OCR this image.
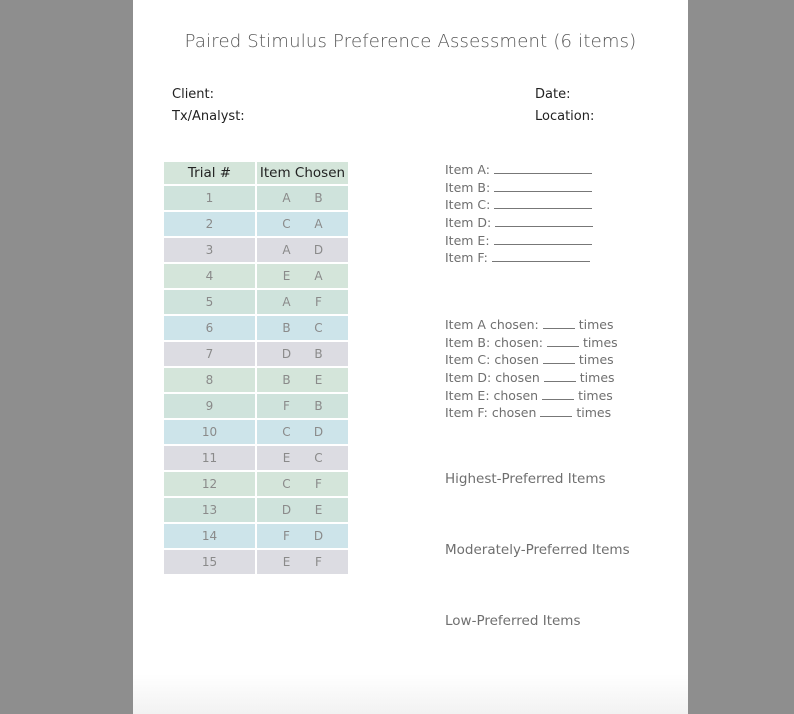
Paired Stimulus Preference Assessment (6 items)
Client:	Date:
Tx/Analyst:	Location:
Trial #	Item Chosen
1	A B
2	C A
3	A D
4	E A
5	A F
6	B C
7	D B
8	B E
9	F B
10	C D
11	E C
12	C F
13	D E
14	F D
15	E F
Item A:
Item B:
Item C:
Item D:
Item E:
Item F:
Item A chosen:	times
Item B: chosen:	times
Item C: chosen	times
Item D: chosen	times
Item E: chosen	times
Item F: chosen	times
Highest-Preferred Items
Moderately-Preferred Items
Low-Preferred Items
